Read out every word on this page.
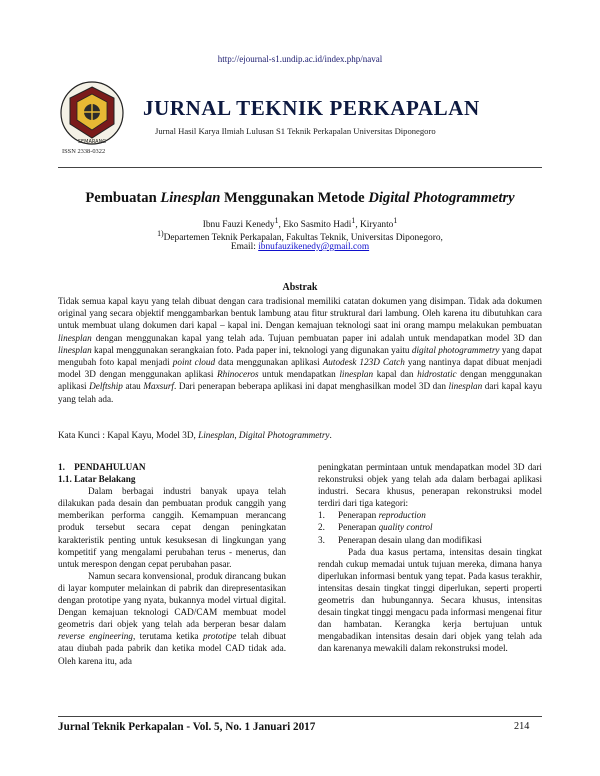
http://ejournal-s1.undip.ac.id/index.php/naval
SEMARANG
JURNAL TEKNIK PERKAPALAN
Jurnal Hasil Karya Ilmiah Lulusan S1 Teknik Perkapalan Universitas Diponegoro
ISSN 2338-0322
Pembuatan Linesplan Menggunakan Metode Digital Photogrammetry
Ibnu Fauzi Kenedy$^1$, Eko Sasmito Hadi$^1$, Kiryanto$^1$
$^{1)}$Departemen Teknik Perkapalan, Fakultas Teknik, Universitas Diponegoro,
Email: ibnufauzikenedy@gmail.com
Abstrak
Tidak semua kapal kayu yang telah dibuat dengan cara tradisional memiliki catatan dokumen yang disimpan. Tidak ada dokumen original yang secara objektif menggambarkan bentuk lambung atau fitur struktural dari lambung. Oleh karena itu dibutuhkan cara untuk membuat ulang dokumen dari kapal – kapal ini. Dengan kemajuan teknologi saat ini orang mampu melakukan pembuatan linesplan dengan menggunakan kapal yang telah ada. Tujuan pembuatan paper ini adalah untuk mendapatkan model 3D dan linesplan kapal menggunakan serangkaian foto. Pada paper ini, teknologi yang digunakan yaitu digital photogrammetry yang dapat mengubah foto kapal menjadi point cloud data menggunakan aplikasi Autodesk 123D Catch yang nantinya dapat dibuat menjadi model 3D dengan menggunakan aplikasi Rhinoceros untuk mendapatkan linesplan kapal dan hidrostatic dengan menggunakan aplikasi Delftship atau Maxsurf. Dari penerapan beberapa aplikasi ini dapat menghasilkan model 3D dan linesplan dari kapal kayu yang telah ada.
Kata Kunci : Kapal Kayu, Model 3D, Linesplan, Digital Photogrammetry.
1.    PENDAHULUAN
1.1. Latar Belakang

Dalam berbagai industri banyak upaya telah dilakukan pada desain dan pembuatan produk canggih yang memberikan performa canggih. Kemampuan merancang produk tersebut secara cepat dengan peningkatan karakteristik penting untuk kesuksesan di lingkungan yang kompetitif yang mengalami perubahan terus - menerus, dan untuk merespon dengan cepat perubahan pasar.

Namun secara konvensional, produk dirancang bukan di layar komputer melainkan di pabrik dan direpresentasikan dengan prototipe yang nyata, bukannya model virtual digital. Dengan kemajuan teknologi CAD/CAM membuat model geometris dari objek yang telah ada berperan besar dalam reverse engineering, terutama ketika prototipe telah dibuat atau diubah pada pabrik dan ketika model CAD tidak ada. Oleh karena itu, ada

peningkatan permintaan untuk mendapatkan model 3D dari rekonstruksi objek yang telah ada dalam berbagai aplikasi industri. Secara khusus, penerapan rekonstruksi model terdiri dari tiga kategori:

1. Penerapan reproduction
2. Penerapan quality control
3. Penerapan desain ulang dan modifikasi

Pada dua kasus pertama, intensitas desain tingkat rendah cukup memadai untuk tujuan mereka, dimana hanya diperlukan informasi bentuk yang tepat. Pada kasus terakhir, intensitas desain tingkat tinggi diperlukan, seperti properti geometris dan hubungannya. Secara khusus, intensitas desain tingkat tinggi mengacu pada informasi mengenai fitur dan hambatan. Kerangka kerja bertujuan untuk mengabadikan intensitas desain dari objek yang telah ada dan karenanya mewakili dalam rekonstruksi model.

Jurnal Teknik Perkapalan - Vol. 5, No. 1 Januari 2017	214
